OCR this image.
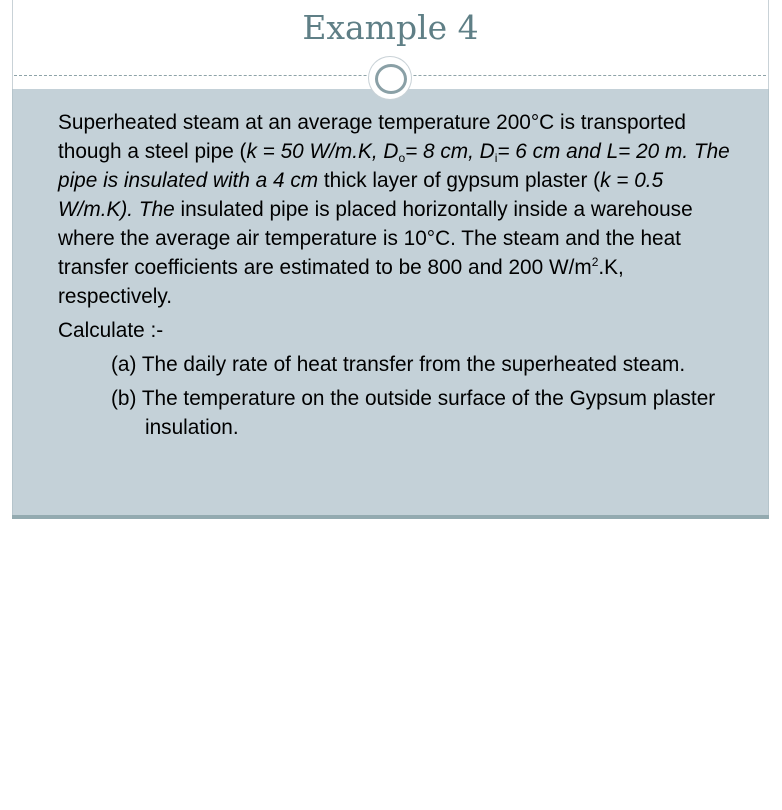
Example 4

Superheated steam at an average temperature 200°C is transported though a steel pipe (k = 50 W/m.K, $D_o= 8$ cm, $D_i= 6$ cm and L= 20 m. The pipe is insulated with a 4 cm thick layer of gypsum plaster (k = 0.5 W/m.K). The insulated pipe is placed horizontally inside a warehouse where the average air temperature is 10°C. The steam and the heat transfer coefficients are estimated to be 800 and 200 $W/m^2.K$, respectively.

Calculate :-

(a) The daily rate of heat transfer from the superheated steam.

(b) The temperature on the outside surface of the Gypsum plaster insulation.
